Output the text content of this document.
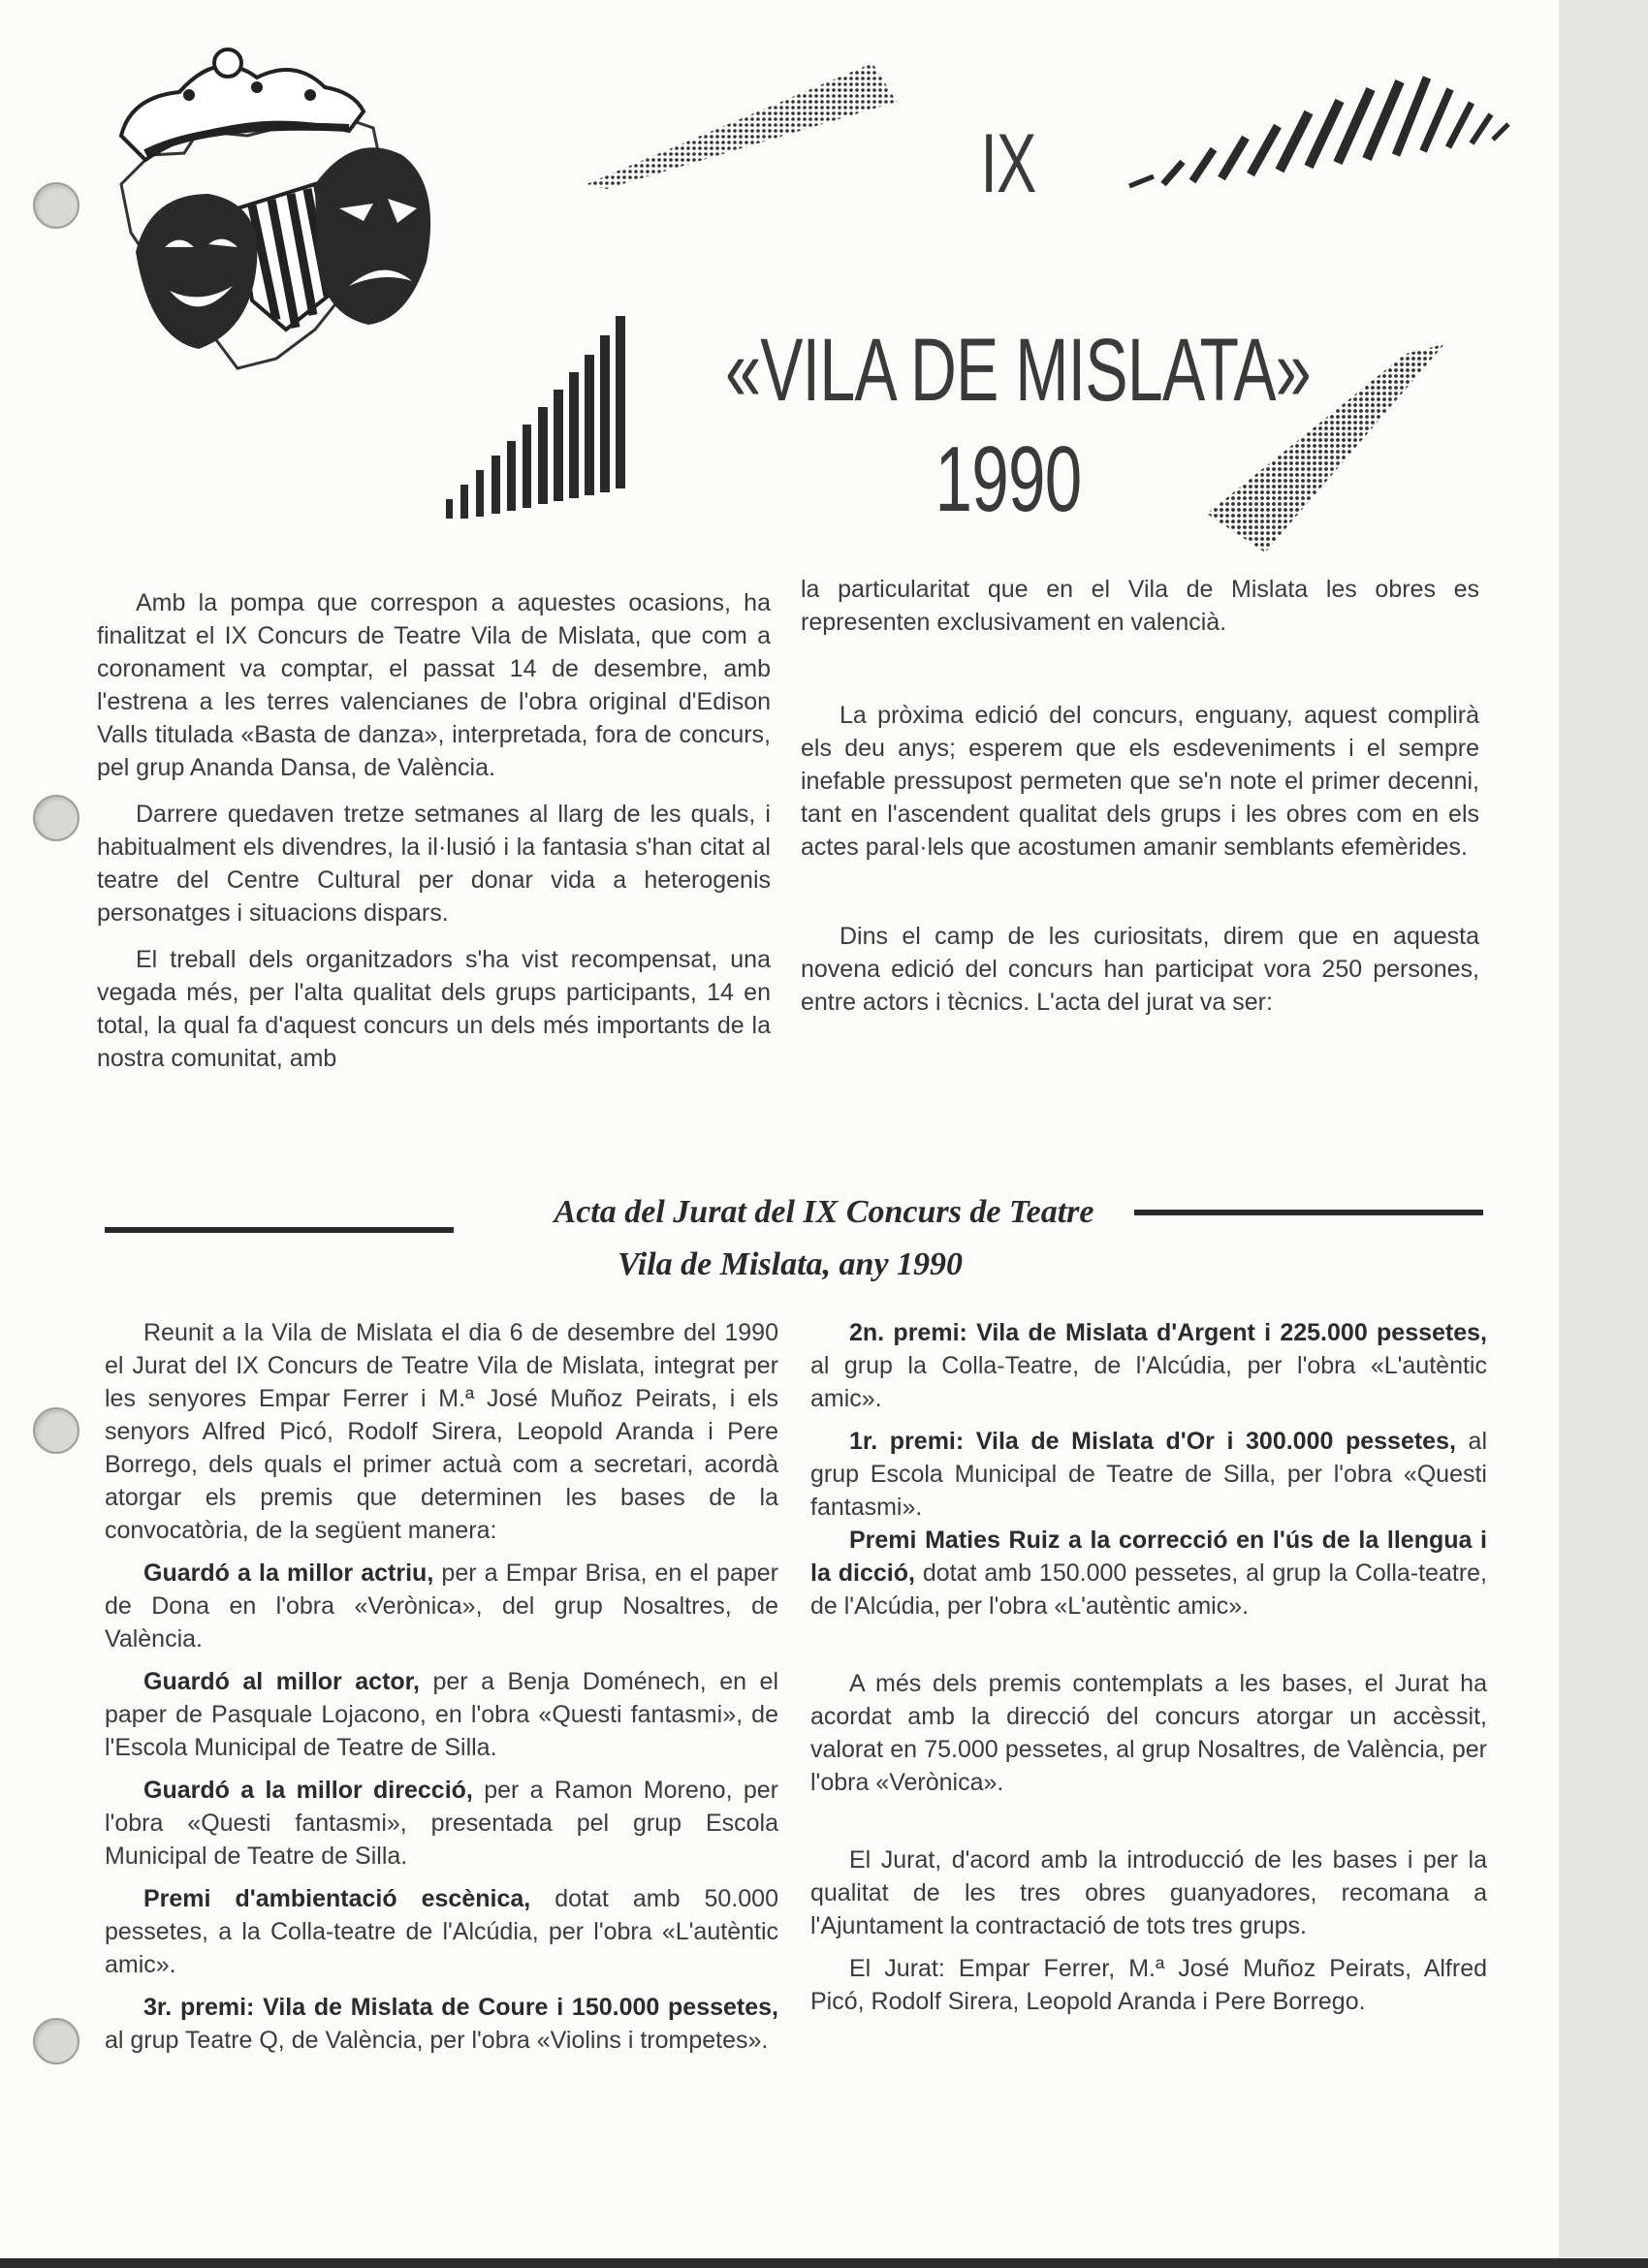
IX
«VILA DE MISLATA»
1990

Amb la pompa que correspon a aquestes ocasions, ha finalitzat el IX Concurs de Teatre Vila de Mislata, que com a coronament va comptar, el passat 14 de desembre, amb l'estrena a les terres valencianes de l'obra original d'Edison Valls titulada «Basta de danza», interpretada, fora de concurs, pel grup Ananda Dansa, de València.

Darrere quedaven tretze setmanes al llarg de les quals, i habitualment els divendres, la il·lusió i la fantasia s'han citat al teatre del Centre Cultural per donar vida a heterogenis personatges i situacions dispars.

El treball dels organitzadors s'ha vist recompensat, una vegada més, per l'alta qualitat dels grups participants, 14 en total, la qual fa d'aquest concurs un dels més importants de la nostra comunitat, amb

la particularitat que en el Vila de Mislata les obres es representen exclusivament en valencià.

La pròxima edició del concurs, enguany, aquest complirà els deu anys; esperem que els esdeveniments i el sempre inefable pressupost permeten que se'n note el primer decenni, tant en l'ascendent qualitat dels grups i les obres com en els actes paral·lels que acostumen amanir semblants efemèrides.

Dins el camp de les curiositats, direm que en aquesta novena edició del concurs han participat vora 250 persones, entre actors i tècnics. L'acta del jurat va ser:

Acta del Jurat del IX Concurs de Teatre
Vila de Mislata, any 1990

Reunit a la Vila de Mislata el dia 6 de desembre del 1990 el Jurat del IX Concurs de Teatre Vila de Mislata, integrat per les senyores Empar Ferrer i M.ª José Muñoz Peirats, i els senyors Alfred Picó, Rodolf Sirera, Leopold Aranda i Pere Borrego, dels quals el primer actuà com a secretari, acordà atorgar els premis que determinen les bases de la convocatòria, de la següent manera:

Guardó a la millor actriu, per a Empar Brisa, en el paper de Dona en l'obra «Verònica», del grup Nosaltres, de València.

Guardó al millor actor, per a Benja Doménech, en el paper de Pasquale Lojacono, en l'obra «Questi fantasmi», de l'Escola Municipal de Teatre de Silla.

Guardó a la millor direcció, per a Ramon Moreno, per l'obra «Questi fantasmi», presentada pel grup Escola Municipal de Teatre de Silla.

Premi d'ambientació escènica, dotat amb 50.000 pessetes, a la Colla-teatre de l'Alcúdia, per l'obra «L'autèntic amic».

3r. premi: Vila de Mislata de Coure i 150.000 pessetes, al grup Teatre Q, de València, per l'obra «Violins i trompetes».

2n. premi: Vila de Mislata d'Argent i 225.000 pessetes, al grup la Colla-Teatre, de l'Alcúdia, per l'obra «L'autèntic amic».

1r. premi: Vila de Mislata d'Or i 300.000 pessetes, al grup Escola Municipal de Teatre de Silla, per l'obra «Questi fantasmi».

Premi Maties Ruiz a la correcció en l'ús de la llengua i la dicció, dotat amb 150.000 pessetes, al grup la Colla-teatre, de l'Alcúdia, per l'obra «L'autèntic amic».

A més dels premis contemplats a les bases, el Jurat ha acordat amb la direcció del concurs atorgar un accèssit, valorat en 75.000 pessetes, al grup Nosaltres, de València, per l'obra «Verònica».

El Jurat, d'acord amb la introducció de les bases i per la qualitat de les tres obres guanyadores, recomana a l'Ajuntament la contractació de tots tres grups.

El Jurat: Empar Ferrer, M.ª José Muñoz Peirats, Alfred Picó, Rodolf Sirera, Leopold Aranda i Pere Borrego.
